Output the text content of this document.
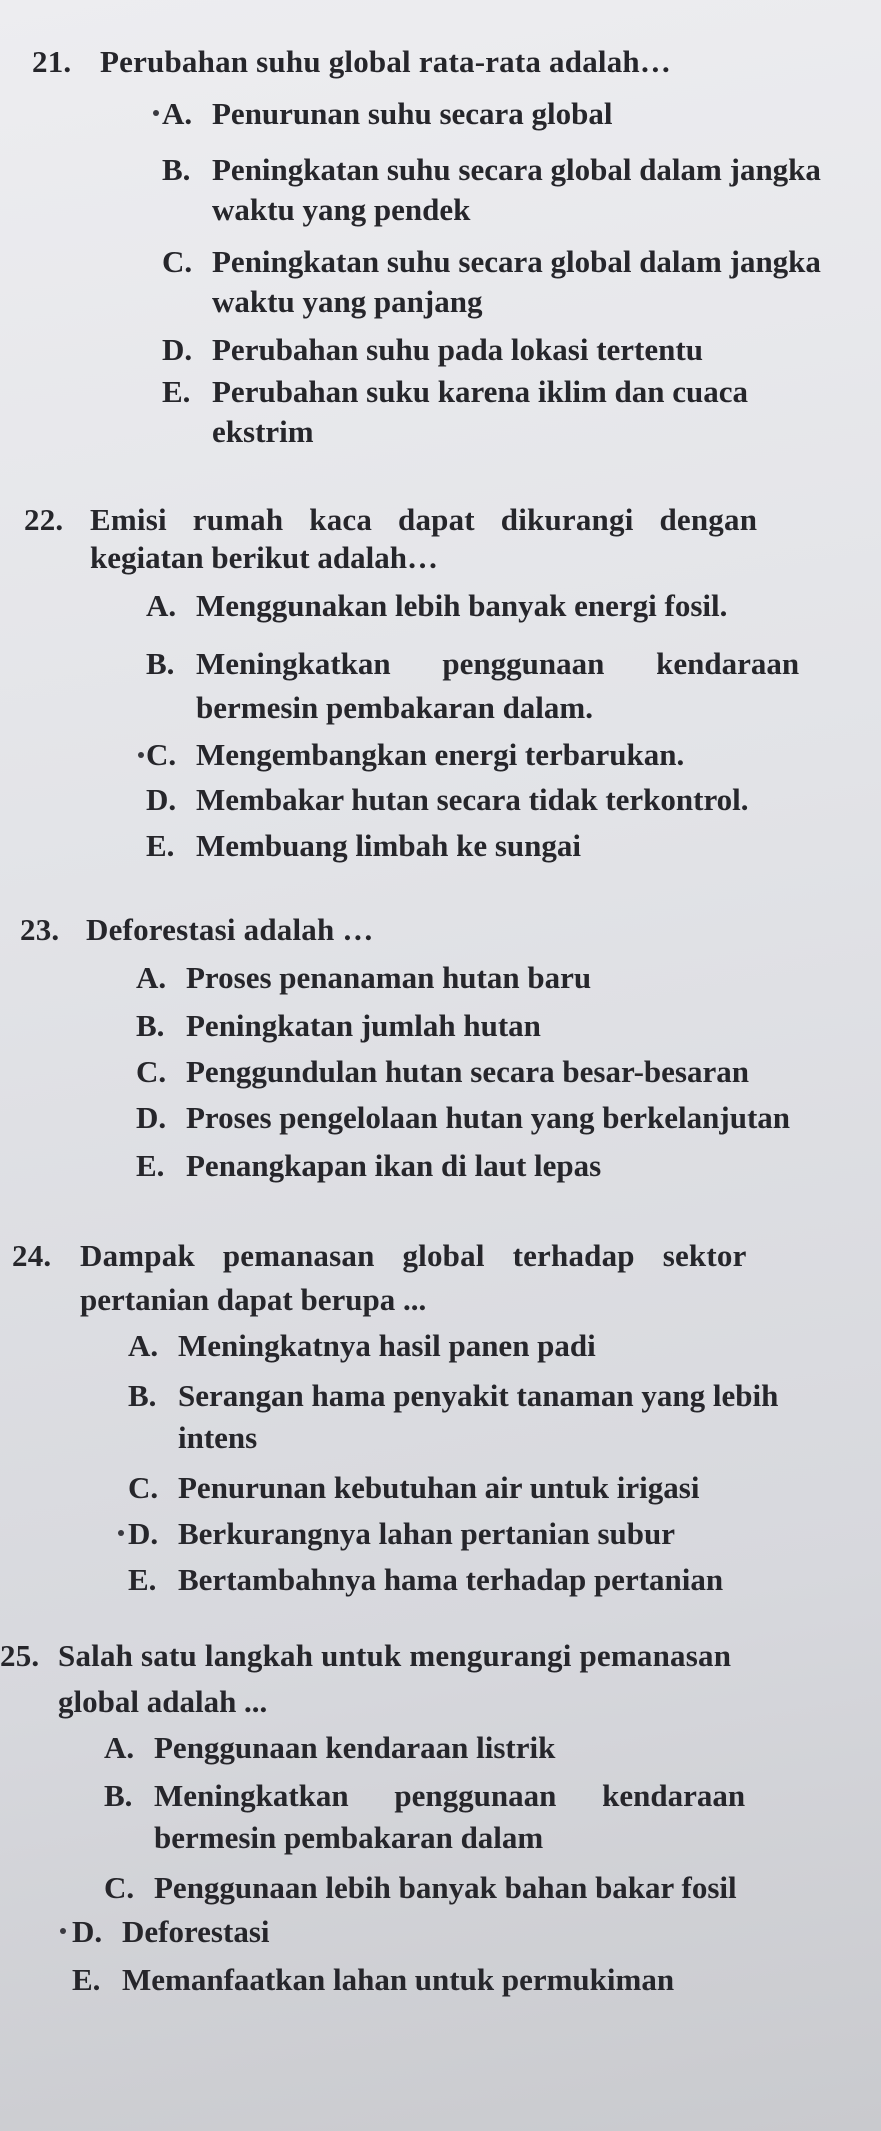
21. Perubahan suhu global rata-rata adalah…
A. Penurunan suhu secara global
B. Peningkatan suhu secara global dalam jangka
waktu yang pendek
C. Peningkatan suhu secara global dalam jangka
waktu yang panjang
D. Perubahan suhu pada lokasi tertentu
E. Perubahan suku karena iklim dan cuaca
ekstrim
22. Emisi rumah kaca dapat dikurangi dengan
kegiatan berikut adalah…
A. Menggunakan lebih banyak energi fosil.
B. Meningkatkan penggunaan kendaraan
bermesin pembakaran dalam.
C. Mengembangkan energi terbarukan.
D. Membakar hutan secara tidak terkontrol.
E. Membuang limbah ke sungai
23. Deforestasi adalah …
A. Proses penanaman hutan baru
B. Peningkatan jumlah hutan
C. Penggundulan hutan secara besar-besaran
D. Proses pengelolaan hutan yang berkelanjutan
E. Penangkapan ikan di laut lepas
24. Dampak pemanasan global terhadap sektor
pertanian dapat berupa ...
A. Meningkatnya hasil panen padi
B. Serangan hama penyakit tanaman yang lebih
intens
C. Penurunan kebutuhan air untuk irigasi
D. Berkurangnya lahan pertanian subur
E. Bertambahnya hama terhadap pertanian
25. Salah satu langkah untuk mengurangi pemanasan
global adalah ...
A. Penggunaan kendaraan listrik
B. Meningkatkan penggunaan kendaraan
bermesin pembakaran dalam
C. Penggunaan lebih banyak bahan bakar fosil
D. Deforestasi
E. Memanfaatkan lahan untuk permukiman
